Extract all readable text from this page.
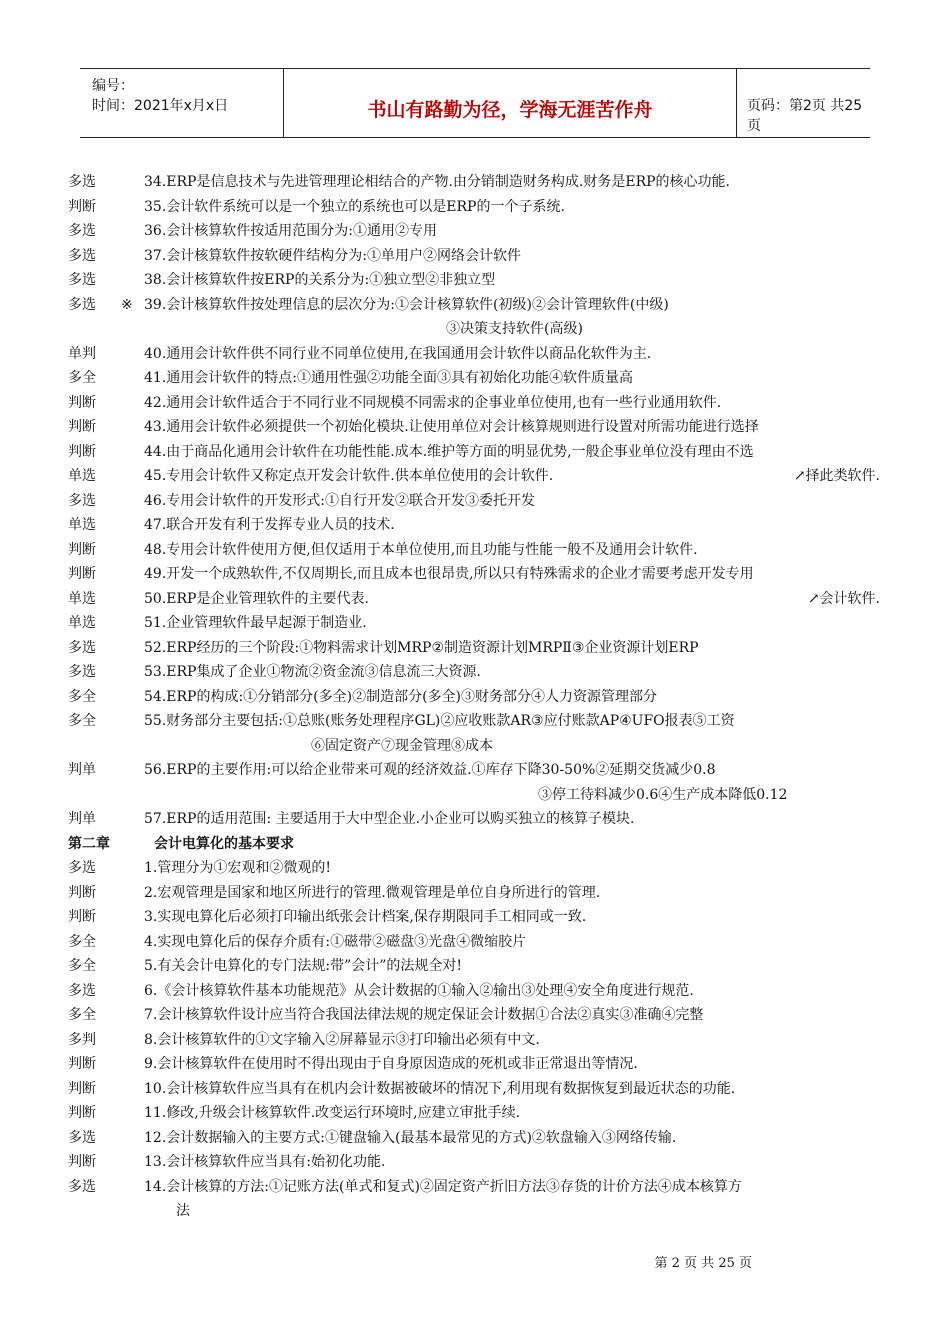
编号：
时间：2021年x月x日	书山有路勤为径，学海无涯苦作舟	页码：第2页 共25页
多选	34.ERP是信息技术与先进管理理论相结合的产物.由分销制造财务构成.财务是ERP的核心功能.
判断	35.会计软件系统可以是一个独立的系统也可以是ERP的一个子系统.
多选	36.会计核算软件按适用范围分为:①通用②专用
多选	37.会计核算软件按软硬件结构分为:①单用户②网络会计软件
多选	38.会计核算软件按ERP的关系分为:①独立型②非独立型
多选	※ 39.会计核算软件按处理信息的层次分为:①会计核算软件(初级)②会计管理软件(中级)
③决策支持软件(高级)
单判	40.通用会计软件供不同行业不同单位使用,在我国通用会计软件以商品化软件为主.
多全	41.通用会计软件的特点:①通用性强②功能全面③具有初始化功能④软件质量高
判断	42.通用会计软件适合于不同行业不同规模不同需求的企事业单位使用,也有一些行业通用软件.
判断	43.通用会计软件必须提供一个初始化模块.让使用单位对会计核算规则进行设置对所需功能进行选择
判断	44.由于商品化通用会计软件在功能性能.成本.维护等方面的明显优势,一般企事业单位没有理由不选
单选	45.专用会计软件又称定点开发会计软件.供本单位使用的会计软件.	↗择此类软件.
多选	46.专用会计软件的开发形式:①自行开发②联合开发③委托开发
单选	47.联合开发有利于发挥专业人员的技术.
判断	48.专用会计软件使用方便,但仅适用于本单位使用,而且功能与性能一般不及通用会计软件.
判断	49.开发一个成熟软件,不仅周期长,而且成本也很昂贵,所以只有特殊需求的企业才需要考虑开发专用
单选	50.ERP是企业管理软件的主要代表.	↗会计软件.
单选	51.企业管理软件最早起源于制造业.
多选	52.ERP经历的三个阶段:①物料需求计划MRP②制造资源计划MRPⅡ③企业资源计划ERP
多选	53.ERP集成了企业①物流②资金流③信息流三大资源.
多全	54.ERP的构成:①分销部分(多全)②制造部分(多全)③财务部分④人力资源管理部分
多全	55.财务部分主要包括:①总账(账务处理程序GL)②应收账款AR③应付账款AP④UFO报表⑤工资
⑥固定资产⑦现金管理⑧成本
判单	56.ERP的主要作用:可以给企业带来可观的经济效益.①库存下降30-50%②延期交货减少0.8
③停工待料减少0.6④生产成本降低0.12
判单	57.ERP的适用范围: 主要适用于大中型企业.小企业可以购买独立的核算子模块.
第二章	会计电算化的基本要求
多选	1.管理分为①宏观和②微观的!
判断	2.宏观管理是国家和地区所进行的管理.微观管理是单位自身所进行的管理.
判断	3.实现电算化后必须打印输出纸张会计档案,保存期限同手工相同或一致.
多全	4.实现电算化后的保存介质有:①磁带②磁盘③光盘④微缩胶片
多全	5.有关会计电算化的专门法规:带”会计”的法规全对!
多选	6.《会计核算软件基本功能规范》从会计数据的①输入②输出③处理④安全角度进行规范.
多全	7.会计核算软件设计应当符合我国法律法规的规定保证会计数据①合法②真实③准确④完整
多判	8.会计核算软件的①文字输入②屏幕显示③打印输出必须有中文.
判断	9.会计核算软件在使用时不得出现由于自身原因造成的死机或非正常退出等情况.
判断	10.会计核算软件应当具有在机内会计数据被破坏的情况下,利用现有数据恢复到最近状态的功能.
判断	11.修改,升级会计核算软件.改变运行环境时,应建立审批手续.
多选	12.会计数据输入的主要方式:①键盘输入(最基本最常见的方式)②软盘输入③网络传输.
判断	13.会计核算软件应当具有:始初化功能.
多选	14.会计核算的方法:①记账方法(单式和复式)②固定资产折旧方法③存货的计价方法④成本核算方
法
第 2 页 共 25 页
